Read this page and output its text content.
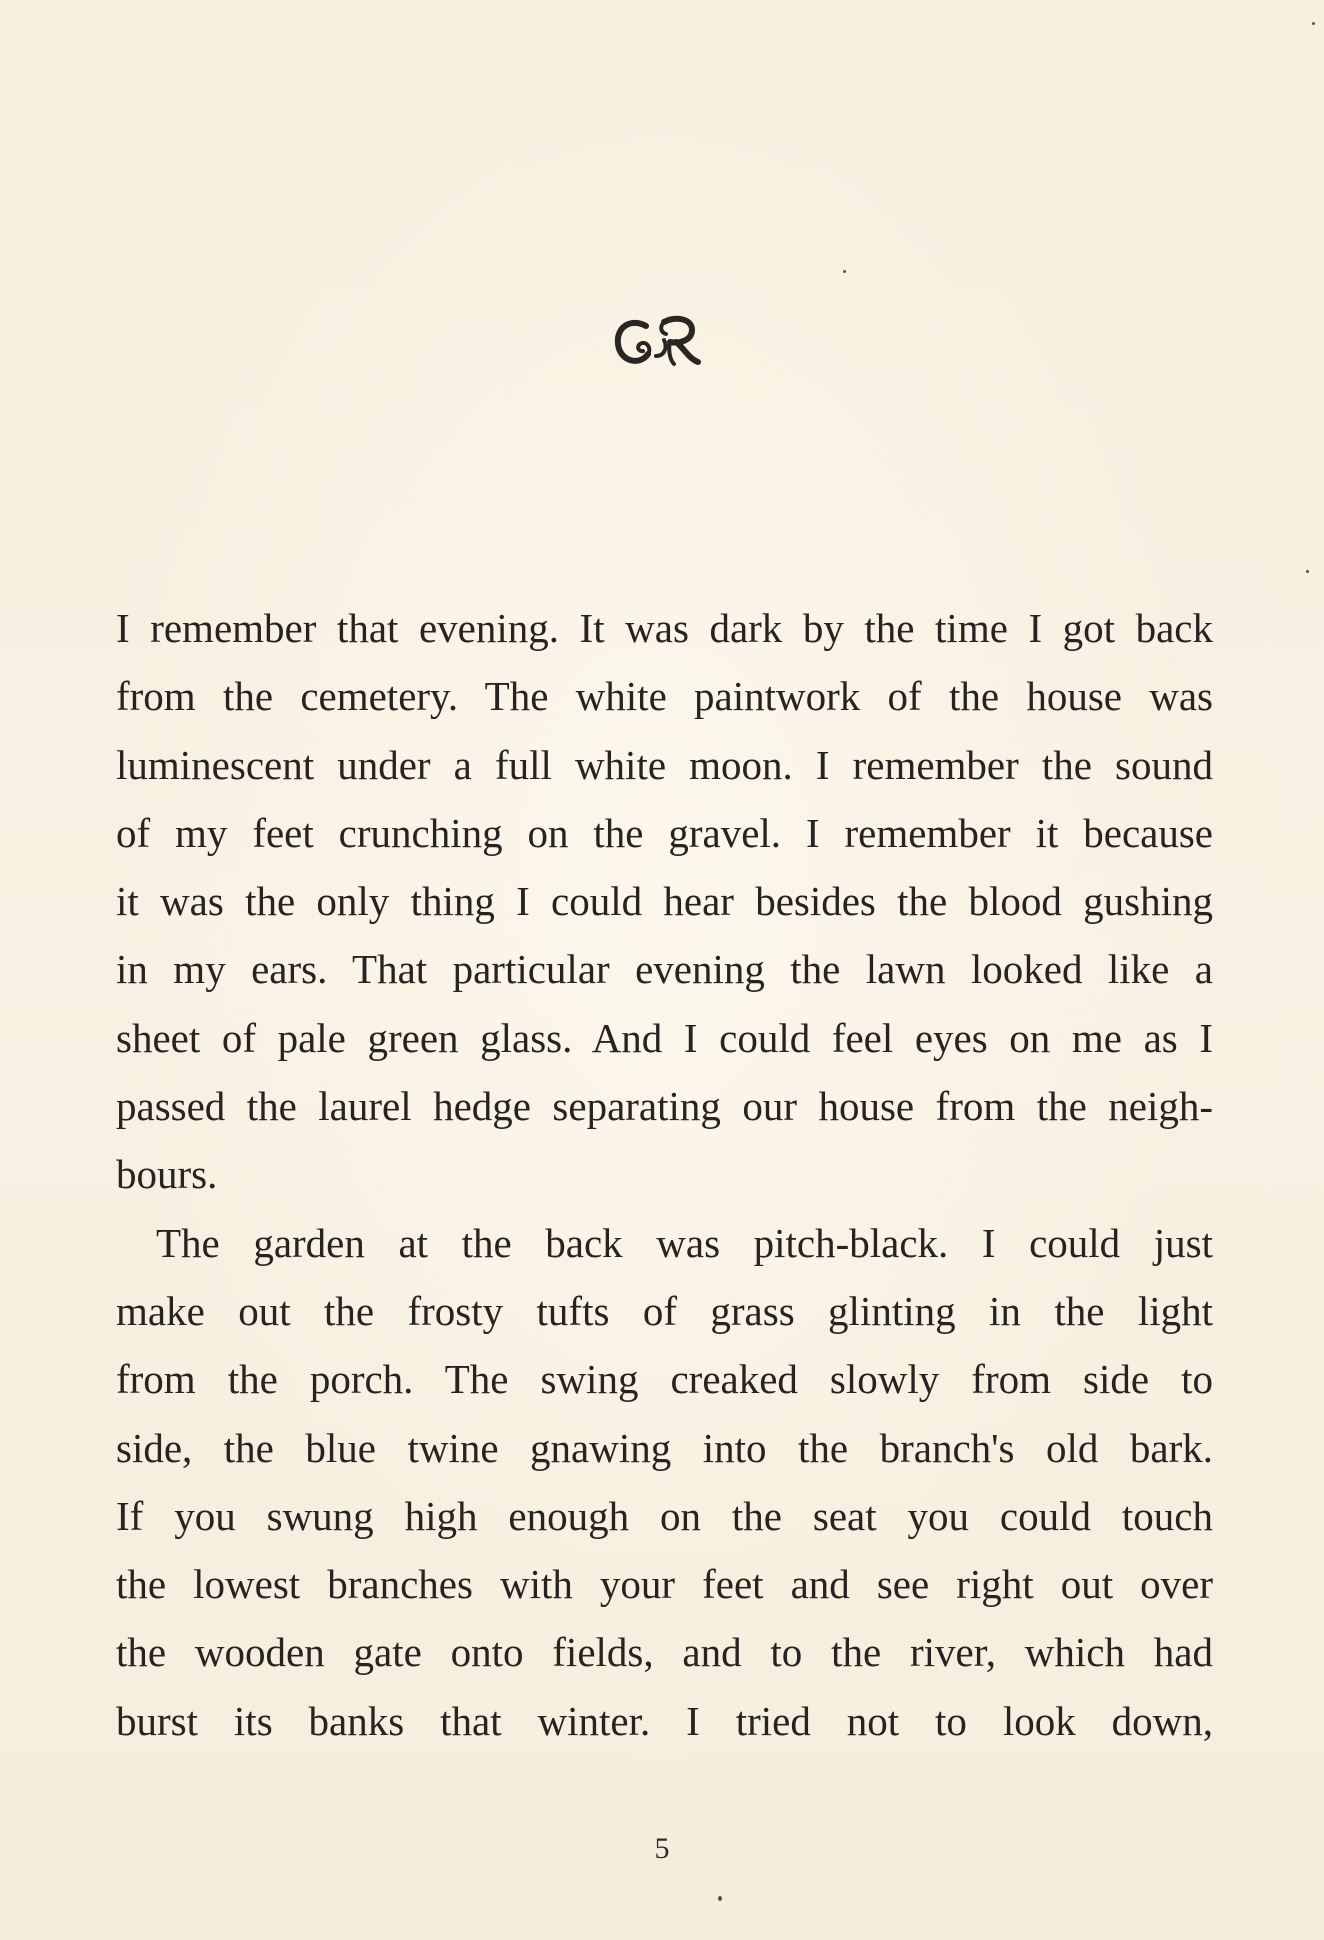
I remember that evening. It was dark by the time I got back
from the cemetery. The white paintwork of the house was
luminescent under a full white moon. I remember the sound
of my feet crunching on the gravel. I remember it because
it was the only thing I could hear besides the blood gushing
in my ears. That particular evening the lawn looked like a
sheet of pale green glass. And I could feel eyes on me as I
passed the laurel hedge separating our house from the neigh-
bours.
The garden at the back was pitch-black. I could just
make out the frosty tufts of grass glinting in the light
from the porch. The swing creaked slowly from side to
side, the blue twine gnawing into the branch's old bark.
If you swung high enough on the seat you could touch
the lowest branches with your feet and see right out over
the wooden gate onto fields, and to the river, which had
burst its banks that winter. I tried not to look down,
5
